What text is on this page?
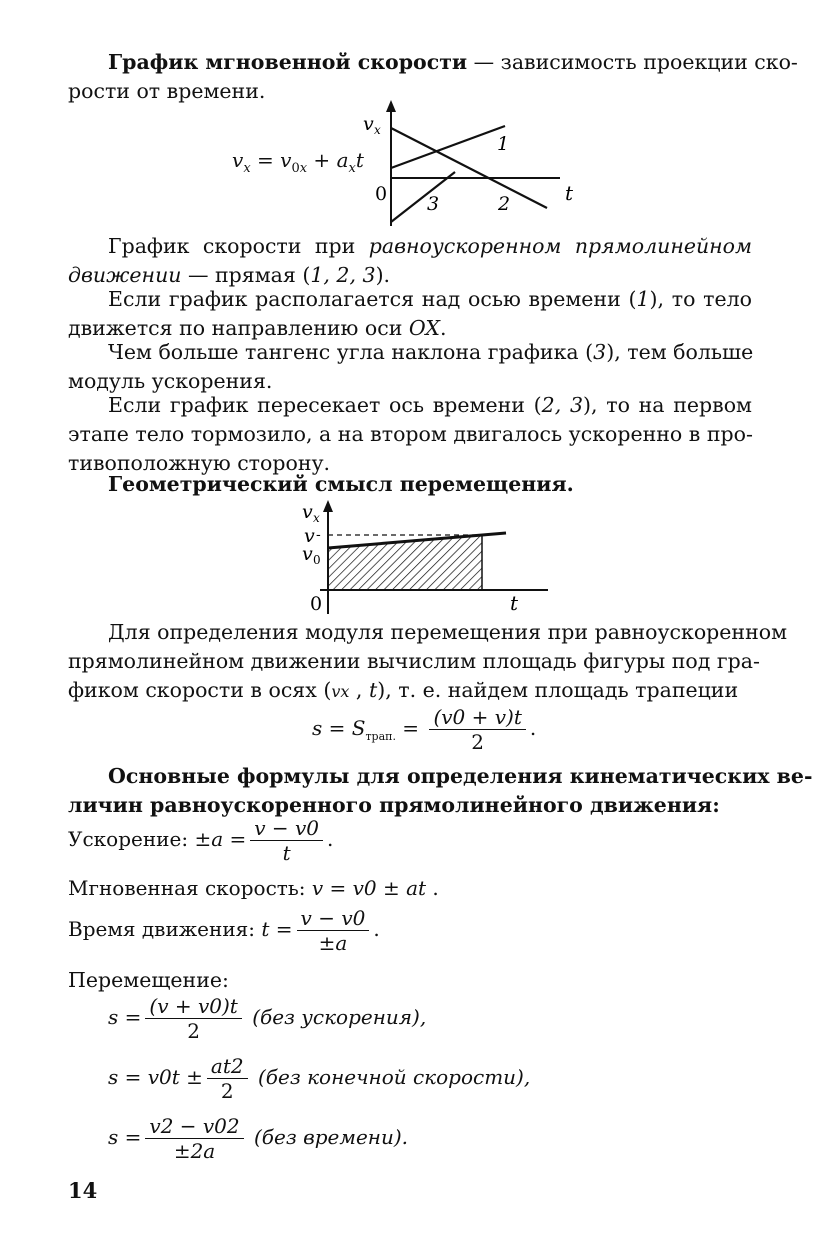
График мгновенной скорости — зависимость проекции ско-
рости от времени.
$v_x = v_{0x} + a_xt$
v x
0	t
1
2
3
График скорости при равноускоренном прямолинейном
движении — прямая (1, 2, 3).
Если график располагается над осью времени (1), то тело
движется по направлению оси OX.
Чем больше тангенс угла наклона графика (3), тем больше
модуль ускорения.
Если график пересекает ось времени (2, 3), то на первом
этапе тело тормозило, а на втором двигалось ускоренно в про-
тивоположную сторону.
Геометрический смысл перемещения.
v x
v -
v 0
0	t
Для определения модуля перемещения при равноускоренном
прямолинейном движении вычислим площадь фигуры под гра-
фиком скорости в осях (vx , t), т. е. найдем площадь трапеции
$s = S_{трап.} = \frac{(v0 + v)t}{2}$ .
Основные формулы для определения кинематических ве-
личин равноускоренного прямолинейного движения:
Ускорение: $\pm a = \frac{v - v0}{t}$ .
Мгновенная скорость: v = v0 ± at .
Время движения: $t = \frac{v - v0}{\pm a}$ .
Перемещение:
$s = \frac{(v + v0)t}{2} (без$ ускорения),
$s = v0t \pm \frac{at2}{2} (без$ конечной скорости),
$s = \frac{v2 - v02}{\pm 2a} (без$ времени).
14
